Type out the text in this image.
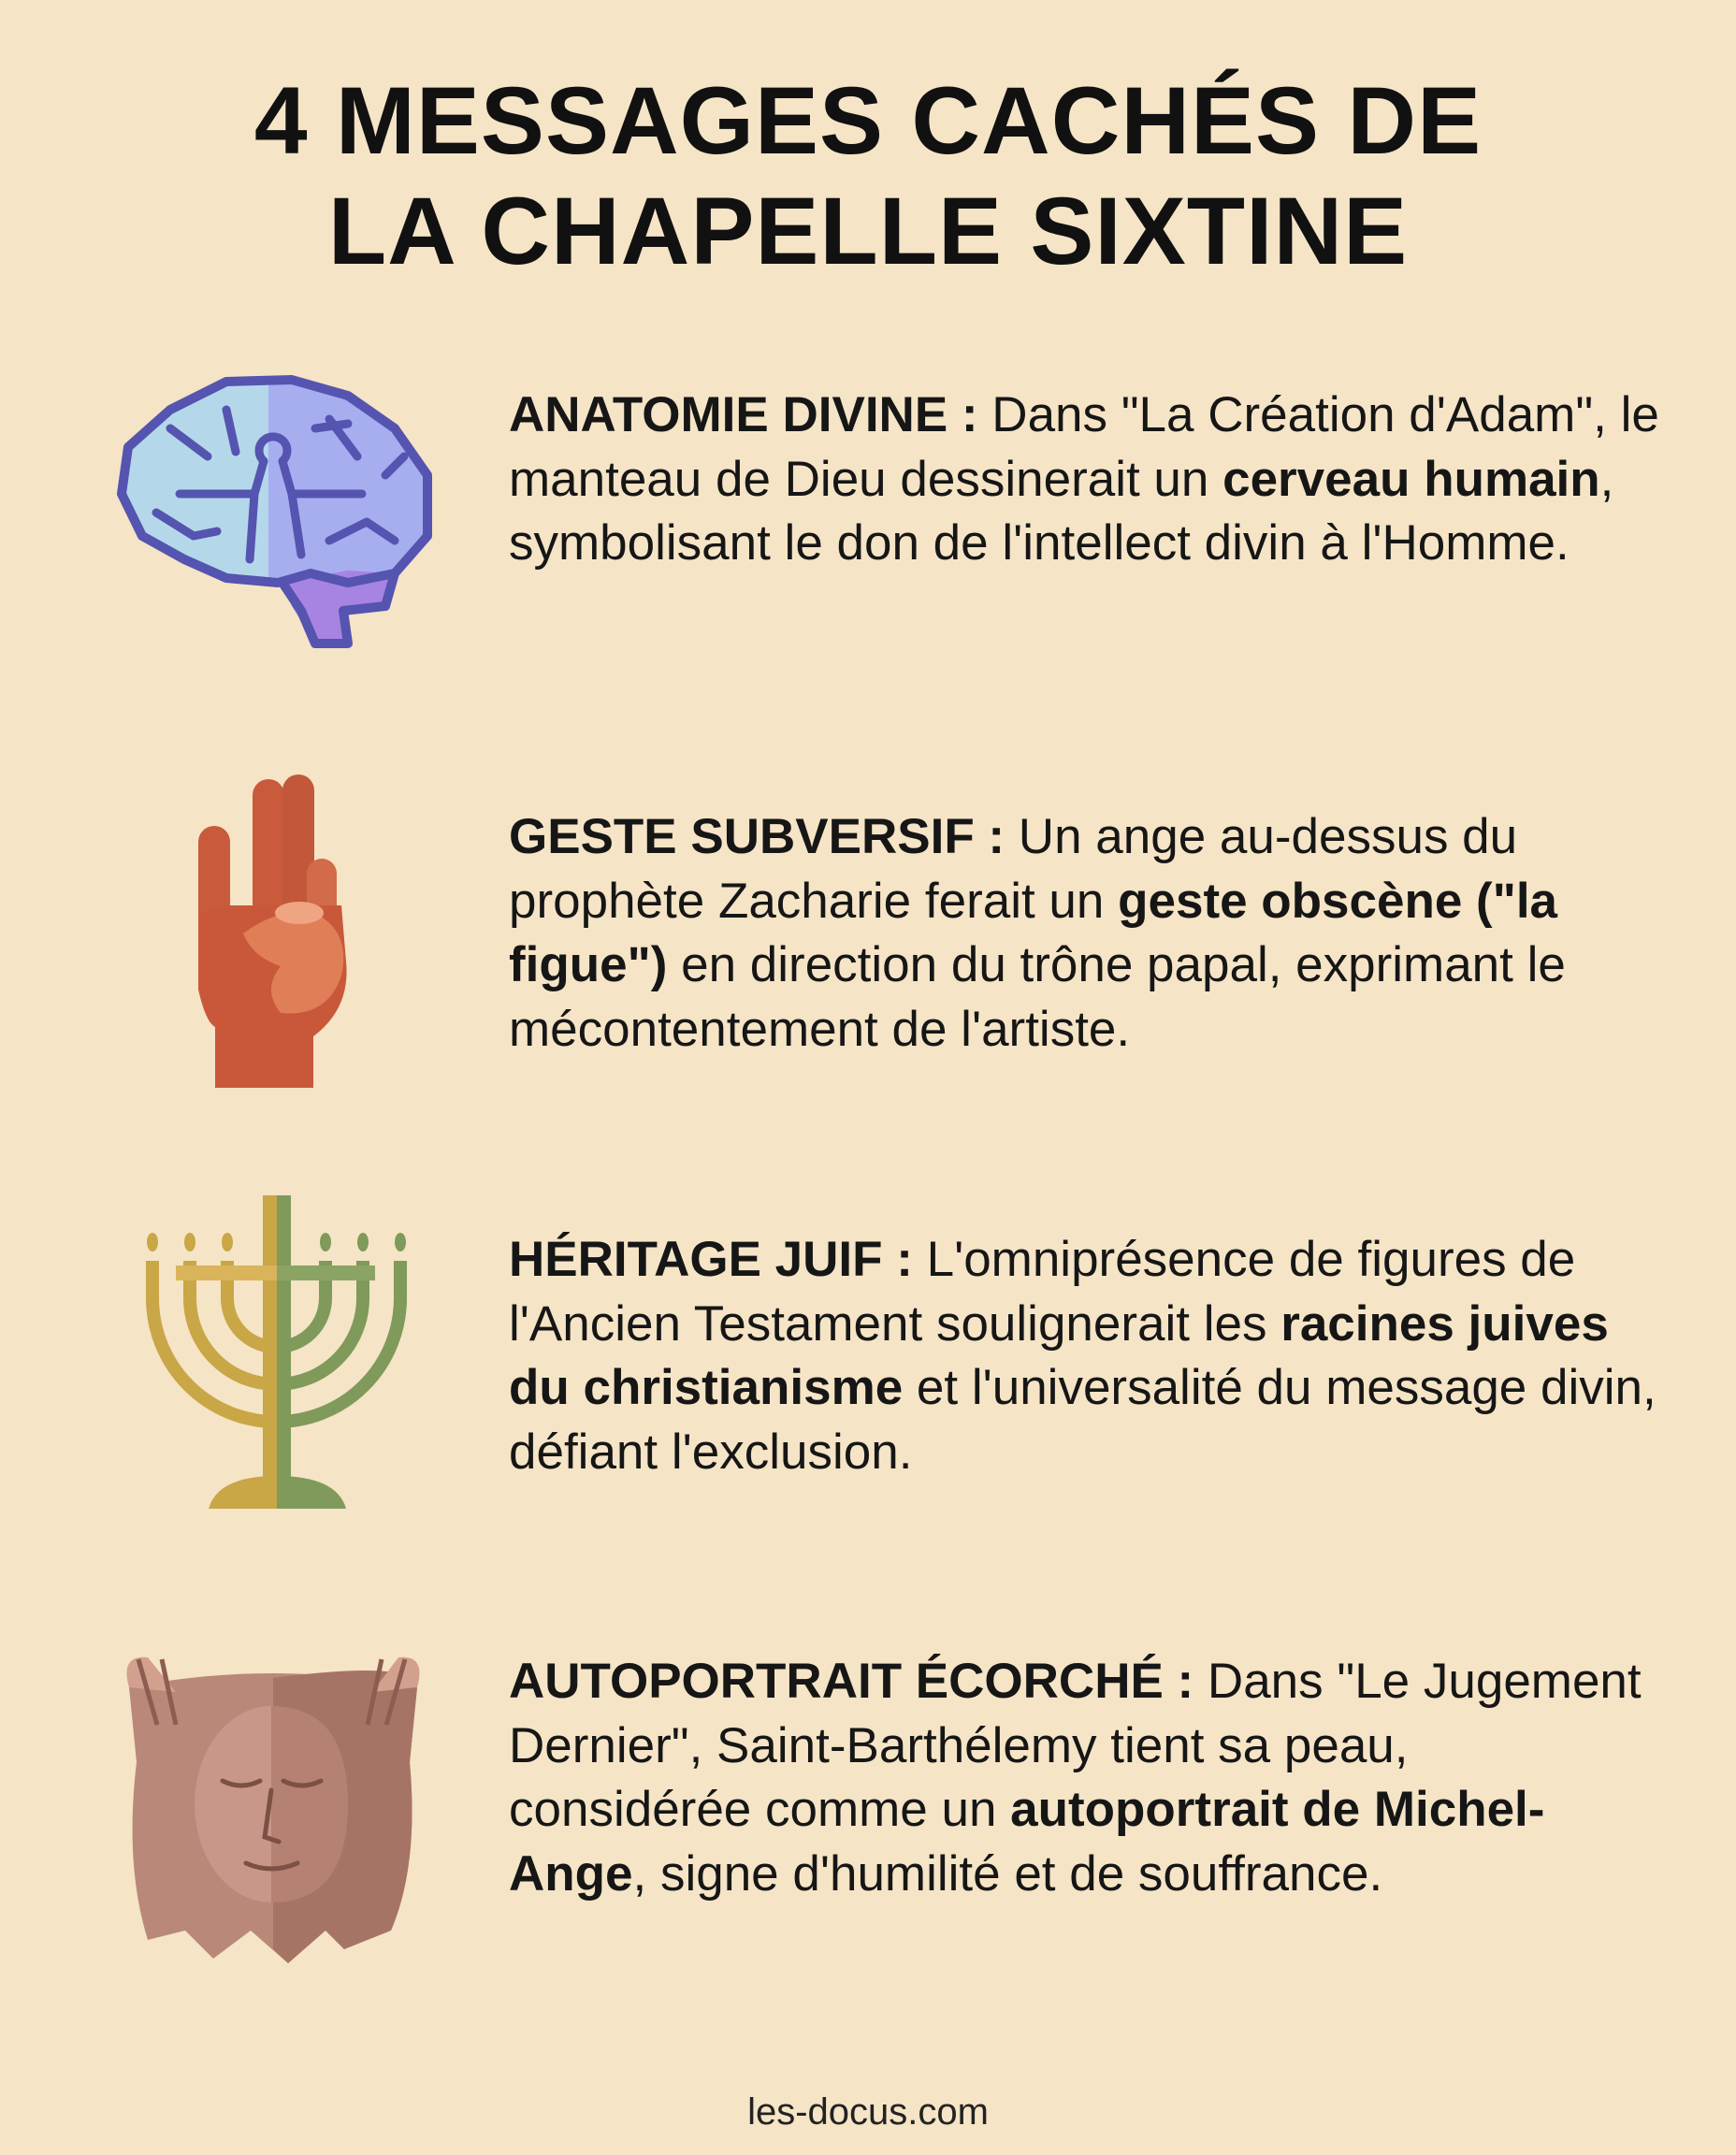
4 MESSAGES CACHÉS DE
LA CHAPELLE SIXTINE
ANATOMIE DIVINE : Dans "La Création d'Adam", le manteau de Dieu dessinerait un cerveau humain, symbolisant le don de l'intellect divin à l'Homme.
GESTE SUBVERSIF : Un ange au-dessus du prophète Zacharie ferait un geste obscène ("la figue") en direction du trône papal, exprimant le mécontentement de l'artiste.
HÉRITAGE JUIF : L'omniprésence de figures de l'Ancien Testament soulignerait les racines juives du christianisme et l'universalité du message divin, défiant l'exclusion.
AUTOPORTRAIT ÉCORCHÉ : Dans "Le Jugement Dernier", Saint-Barthélemy tient sa peau, considérée comme un autoportrait de Michel-Ange, signe d'humilité et de souffrance.
les-docus.com
